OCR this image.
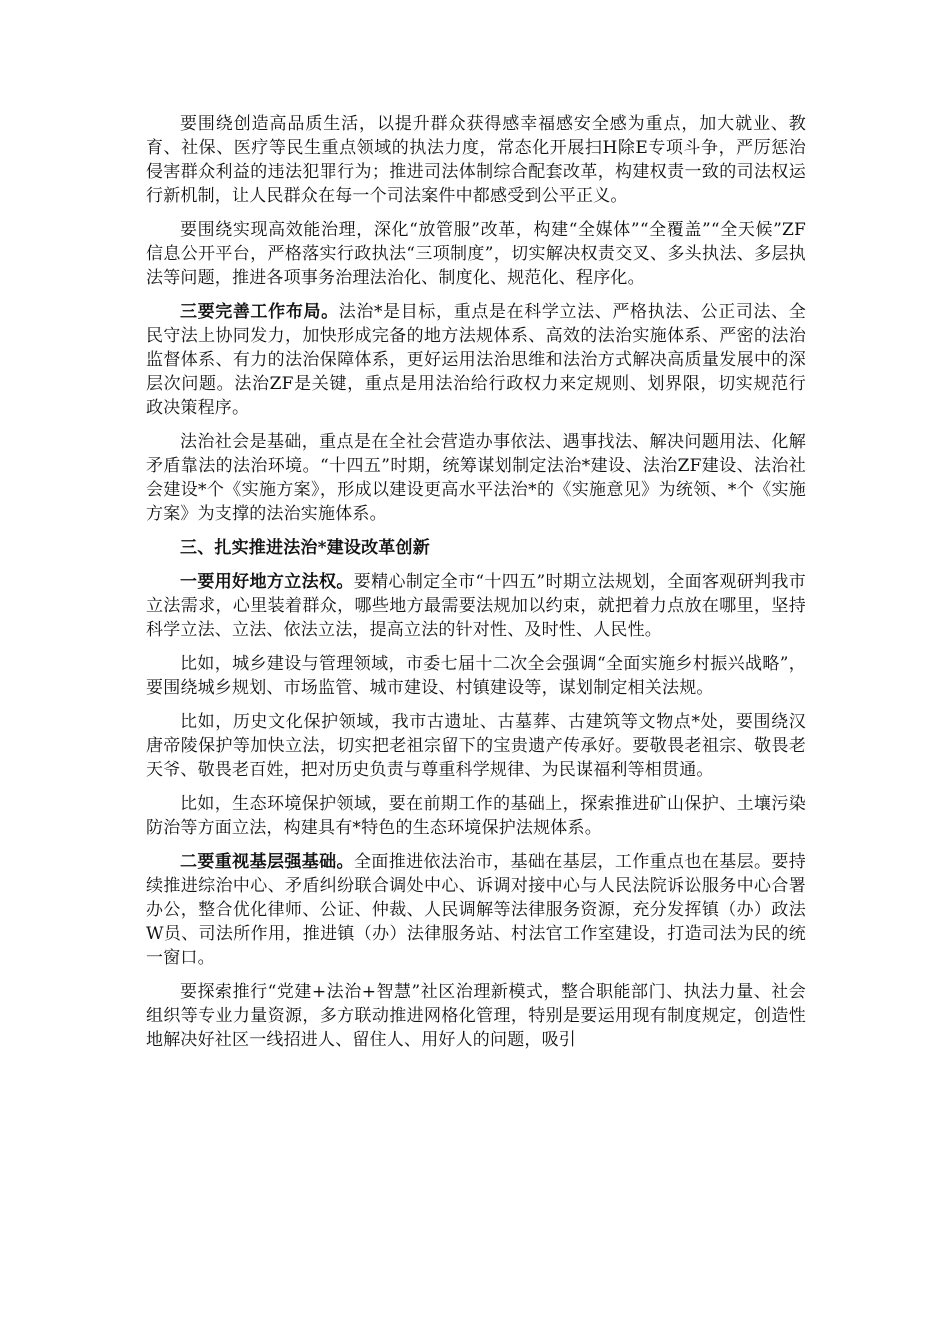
要围绕创造高品质生活，以提升群众获得感幸福感安全感为重点，加大就业、教育、社保、医疗等民生重点领域的执法力度，常态化开展扫H除E专项斗争，严厉惩治侵害群众利益的违法犯罪行为；推进司法体制综合配套改革，构建权责一致的司法权运行新机制，让人民群众在每一个司法案件中都感受到公平正义。

要围绕实现高效能治理，深化“放管服”改革，构建“全媒体”“全覆盖”“全天候”ZF信息公开平台，严格落实行政执法“三项制度”，切实解决权责交叉、多头执法、多层执法等问题，推进各项事务治理法治化、制度化、规范化、程序化。

三要完善工作布局。法治*是目标，重点是在科学立法、严格执法、公正司法、全民守法上协同发力，加快形成完备的地方法规体系、高效的法治实施体系、严密的法治监督体系、有力的法治保障体系，更好运用法治思维和法治方式解决高质量发展中的深层次问题。法治ZF是关键，重点是用法治给行政权力来定规则、划界限，切实规范行政决策程序。

法治社会是基础，重点是在全社会营造办事依法、遇事找法、解决问题用法、化解矛盾靠法的法治环境。“十四五”时期，统筹谋划制定法治*建设、法治ZF建设、法治社会建设*个《实施方案》，形成以建设更高水平法治*的《实施意见》为统领、*个《实施方案》为支撑的法治实施体系。

三、扎实推进法治*建设改革创新

一要用好地方立法权。要精心制定全市“十四五”时期立法规划，全面客观研判我市立法需求，心里装着群众，哪些地方最需要法规加以约束，就把着力点放在哪里，坚持科学立法、立法、依法立法，提高立法的针对性、及时性、人民性。

比如，城乡建设与管理领域，市委七届十二次全会强调“全面实施乡村振兴战略”，要围绕城乡规划、市场监管、城市建设、村镇建设等，谋划制定相关法规。

比如，历史文化保护领域，我市古遗址、古墓葬、古建筑等文物点*处，要围绕汉唐帝陵保护等加快立法，切实把老祖宗留下的宝贵遗产传承好。要敬畏老祖宗、敬畏老天爷、敬畏老百姓，把对历史负责与尊重科学规律、为民谋福利等相贯通。

比如，生态环境保护领域，要在前期工作的基础上，探索推进矿山保护、土壤污染防治等方面立法，构建具有*特色的生态环境保护法规体系。

二要重视基层强基础。全面推进依法治市，基础在基层，工作重点也在基层。要持续推进综治中心、矛盾纠纷联合调处中心、诉调对接中心与人民法院诉讼服务中心合署办公，整合优化律师、公证、仲裁、人民调解等法律服务资源，充分发挥镇（办）政法W员、司法所作用，推进镇（办）法律服务站、村法官工作室建设，打造司法为民的统一窗口。

要探索推行“党建+法治+智慧”社区治理新模式，整合职能部门、执法力量、社会组织等专业力量资源，多方联动推进网格化管理，特别是要运用现有制度规定，创造性地解决好社区一线招进人、留住人、用好人的问题，吸引
